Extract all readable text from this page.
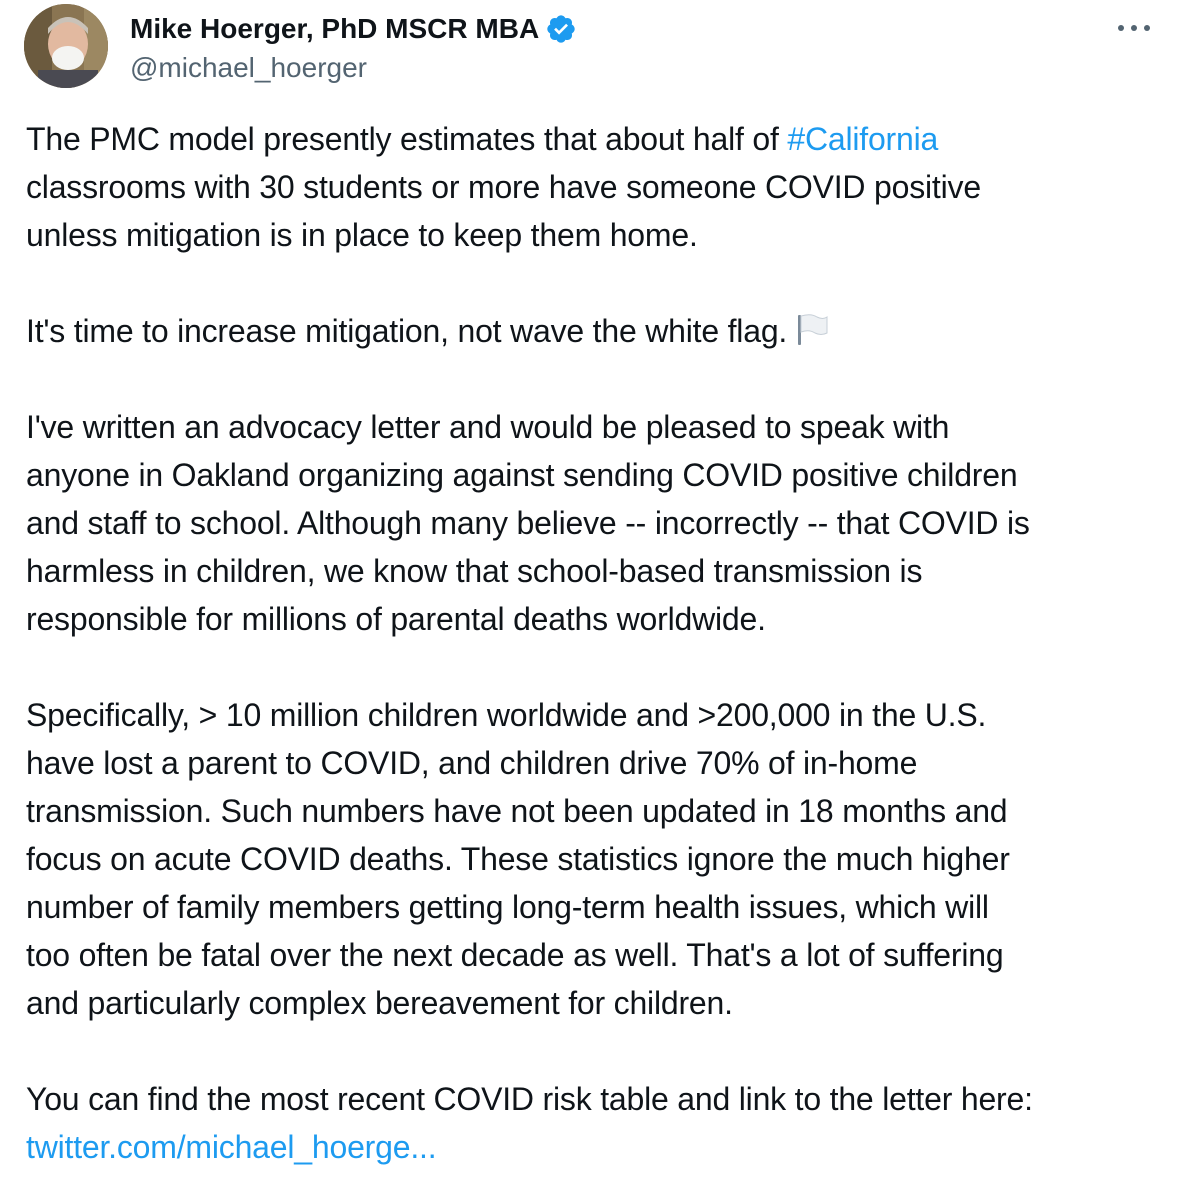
Mike Hoerger, PhD MSCR MBA
@michael_hoerger

The PMC model presently estimates that about half of #California
classrooms with 30 students or more have someone COVID positive
unless mitigation is in place to keep them home.

It's time to increase mitigation, not wave the white flag.

I've written an advocacy letter and would be pleased to speak with
anyone in Oakland organizing against sending COVID positive children
and staff to school. Although many believe -- incorrectly -- that COVID is
harmless in children, we know that school-based transmission is
responsible for millions of parental deaths worldwide.

Specifically, > 10 million children worldwide and >200,000 in the U.S.
have lost a parent to COVID, and children drive 70% of in-home
transmission. Such numbers have not been updated in 18 months and
focus on acute COVID deaths. These statistics ignore the much higher
number of family members getting long-term health issues, which will
too often be fatal over the next decade as well. That's a lot of suffering
and particularly complex bereavement for children.

You can find the most recent COVID risk table and link to the letter here:
twitter.com/michael_hoerge...
